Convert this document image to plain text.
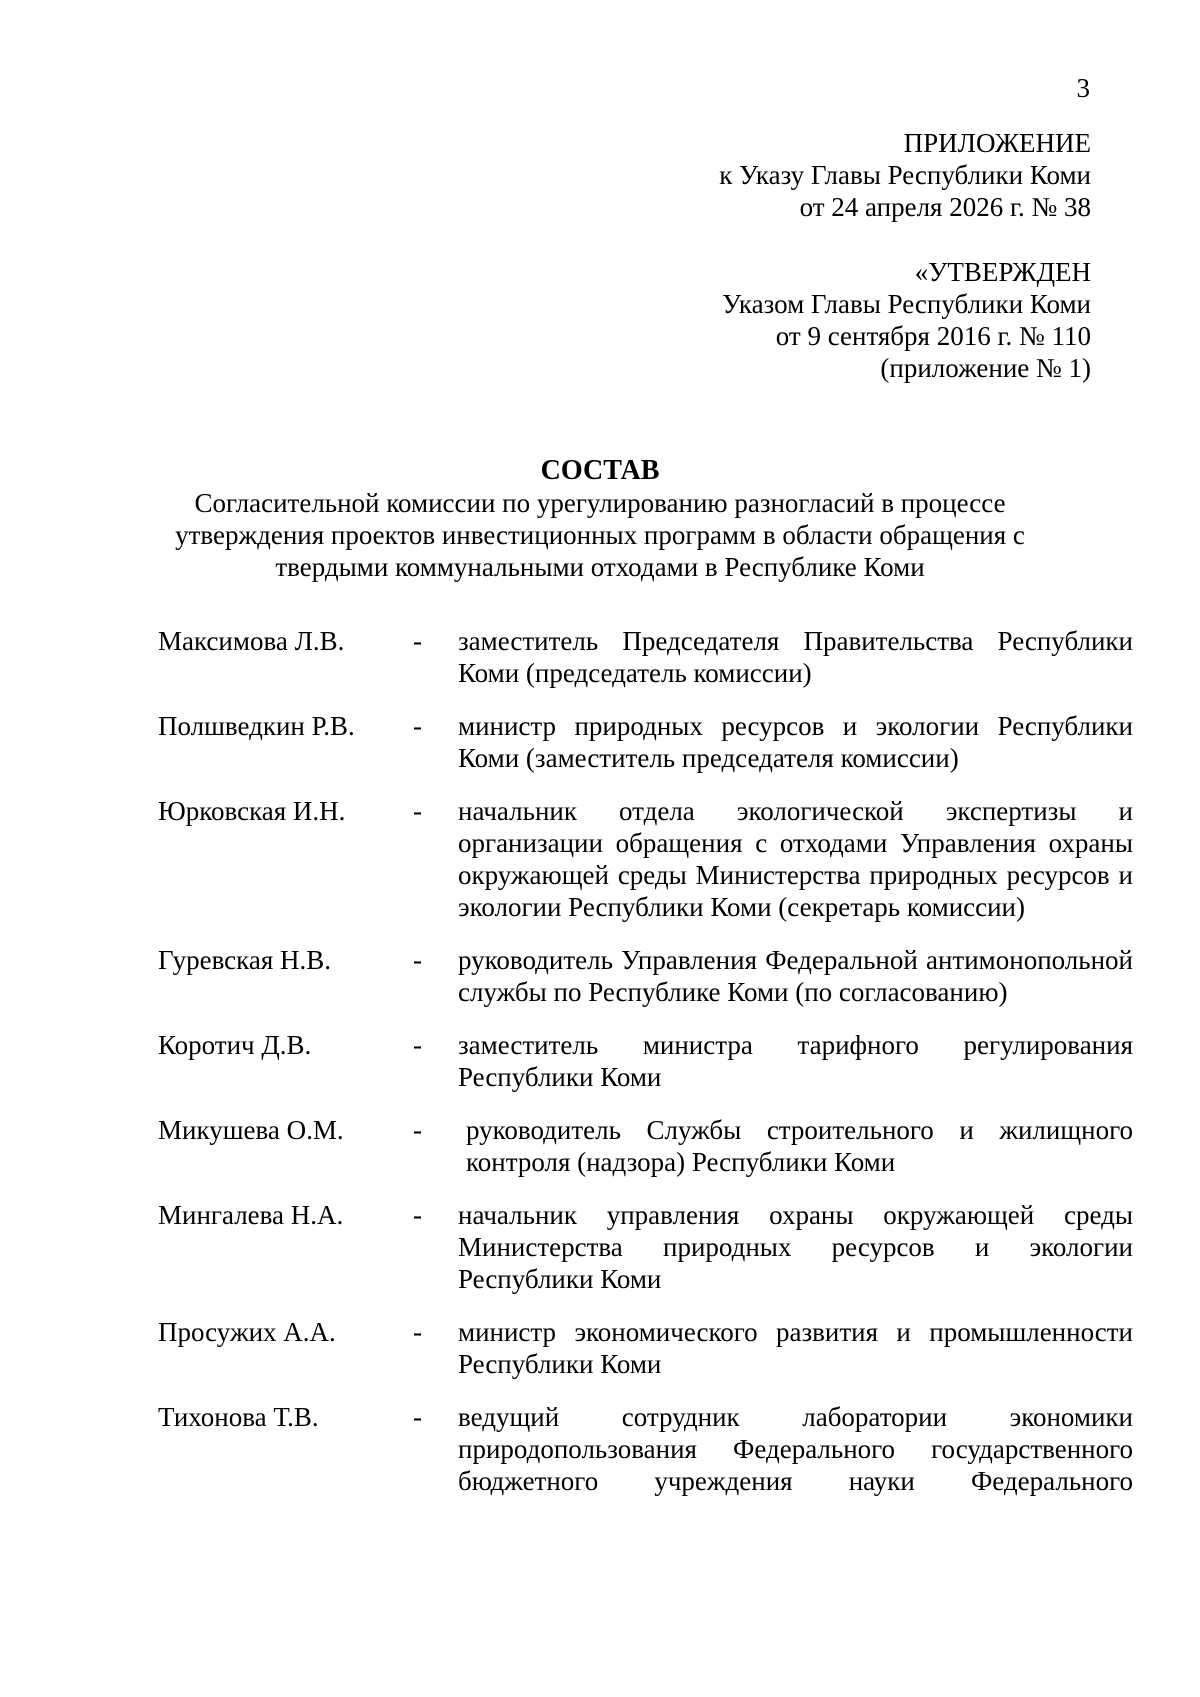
3
ПРИЛОЖЕНИЕ
к Указу Главы Республики Коми
от 24 апреля 2026 г. № 38
«УТВЕРЖДЕН
Указом Главы Республики Коми
от 9 сентября 2016 г. № 110
(приложение № 1)
СОСТАВ
Согласительной комиссии по урегулированию разногласий в процессе
утверждения проектов инвестиционных программ в области обращения с
твердыми коммунальными отходами в Республике Коми
Максимова Л.В.	-	заместитель Председателя Правительства Республики Коми (председатель комиссии)
Полшведкин Р.В.	-	министр природных ресурсов и экологии Республики Коми (заместитель председателя комиссии)
Юрковская И.Н.	-	начальник отдела экологической экспертизы и организации обращения с отходами Управления охраны окружающей среды Министерства природных ресурсов и экологии Республики Коми (секретарь комиссии)
Гуревская Н.В.	-	руководитель Управления Федеральной антимонопольной службы по Республике Коми (по согласованию)
Коротич Д.В.	-	заместитель министра тарифного регулирования Республики Коми
Микушева О.М.	-	руководитель Службы строительного и жилищного контроля (надзора) Республики Коми
Мингалева Н.А.	-	начальник управления охраны окружающей среды Министерства природных ресурсов и экологии Республики Коми
Просужих А.А.	-	министр экономического развития и промышленности Республики Коми
Тихонова Т.В.	-	ведущий сотрудник лаборатории экономики природопользования Федерального государственного бюджетного учреждения науки Федерального
